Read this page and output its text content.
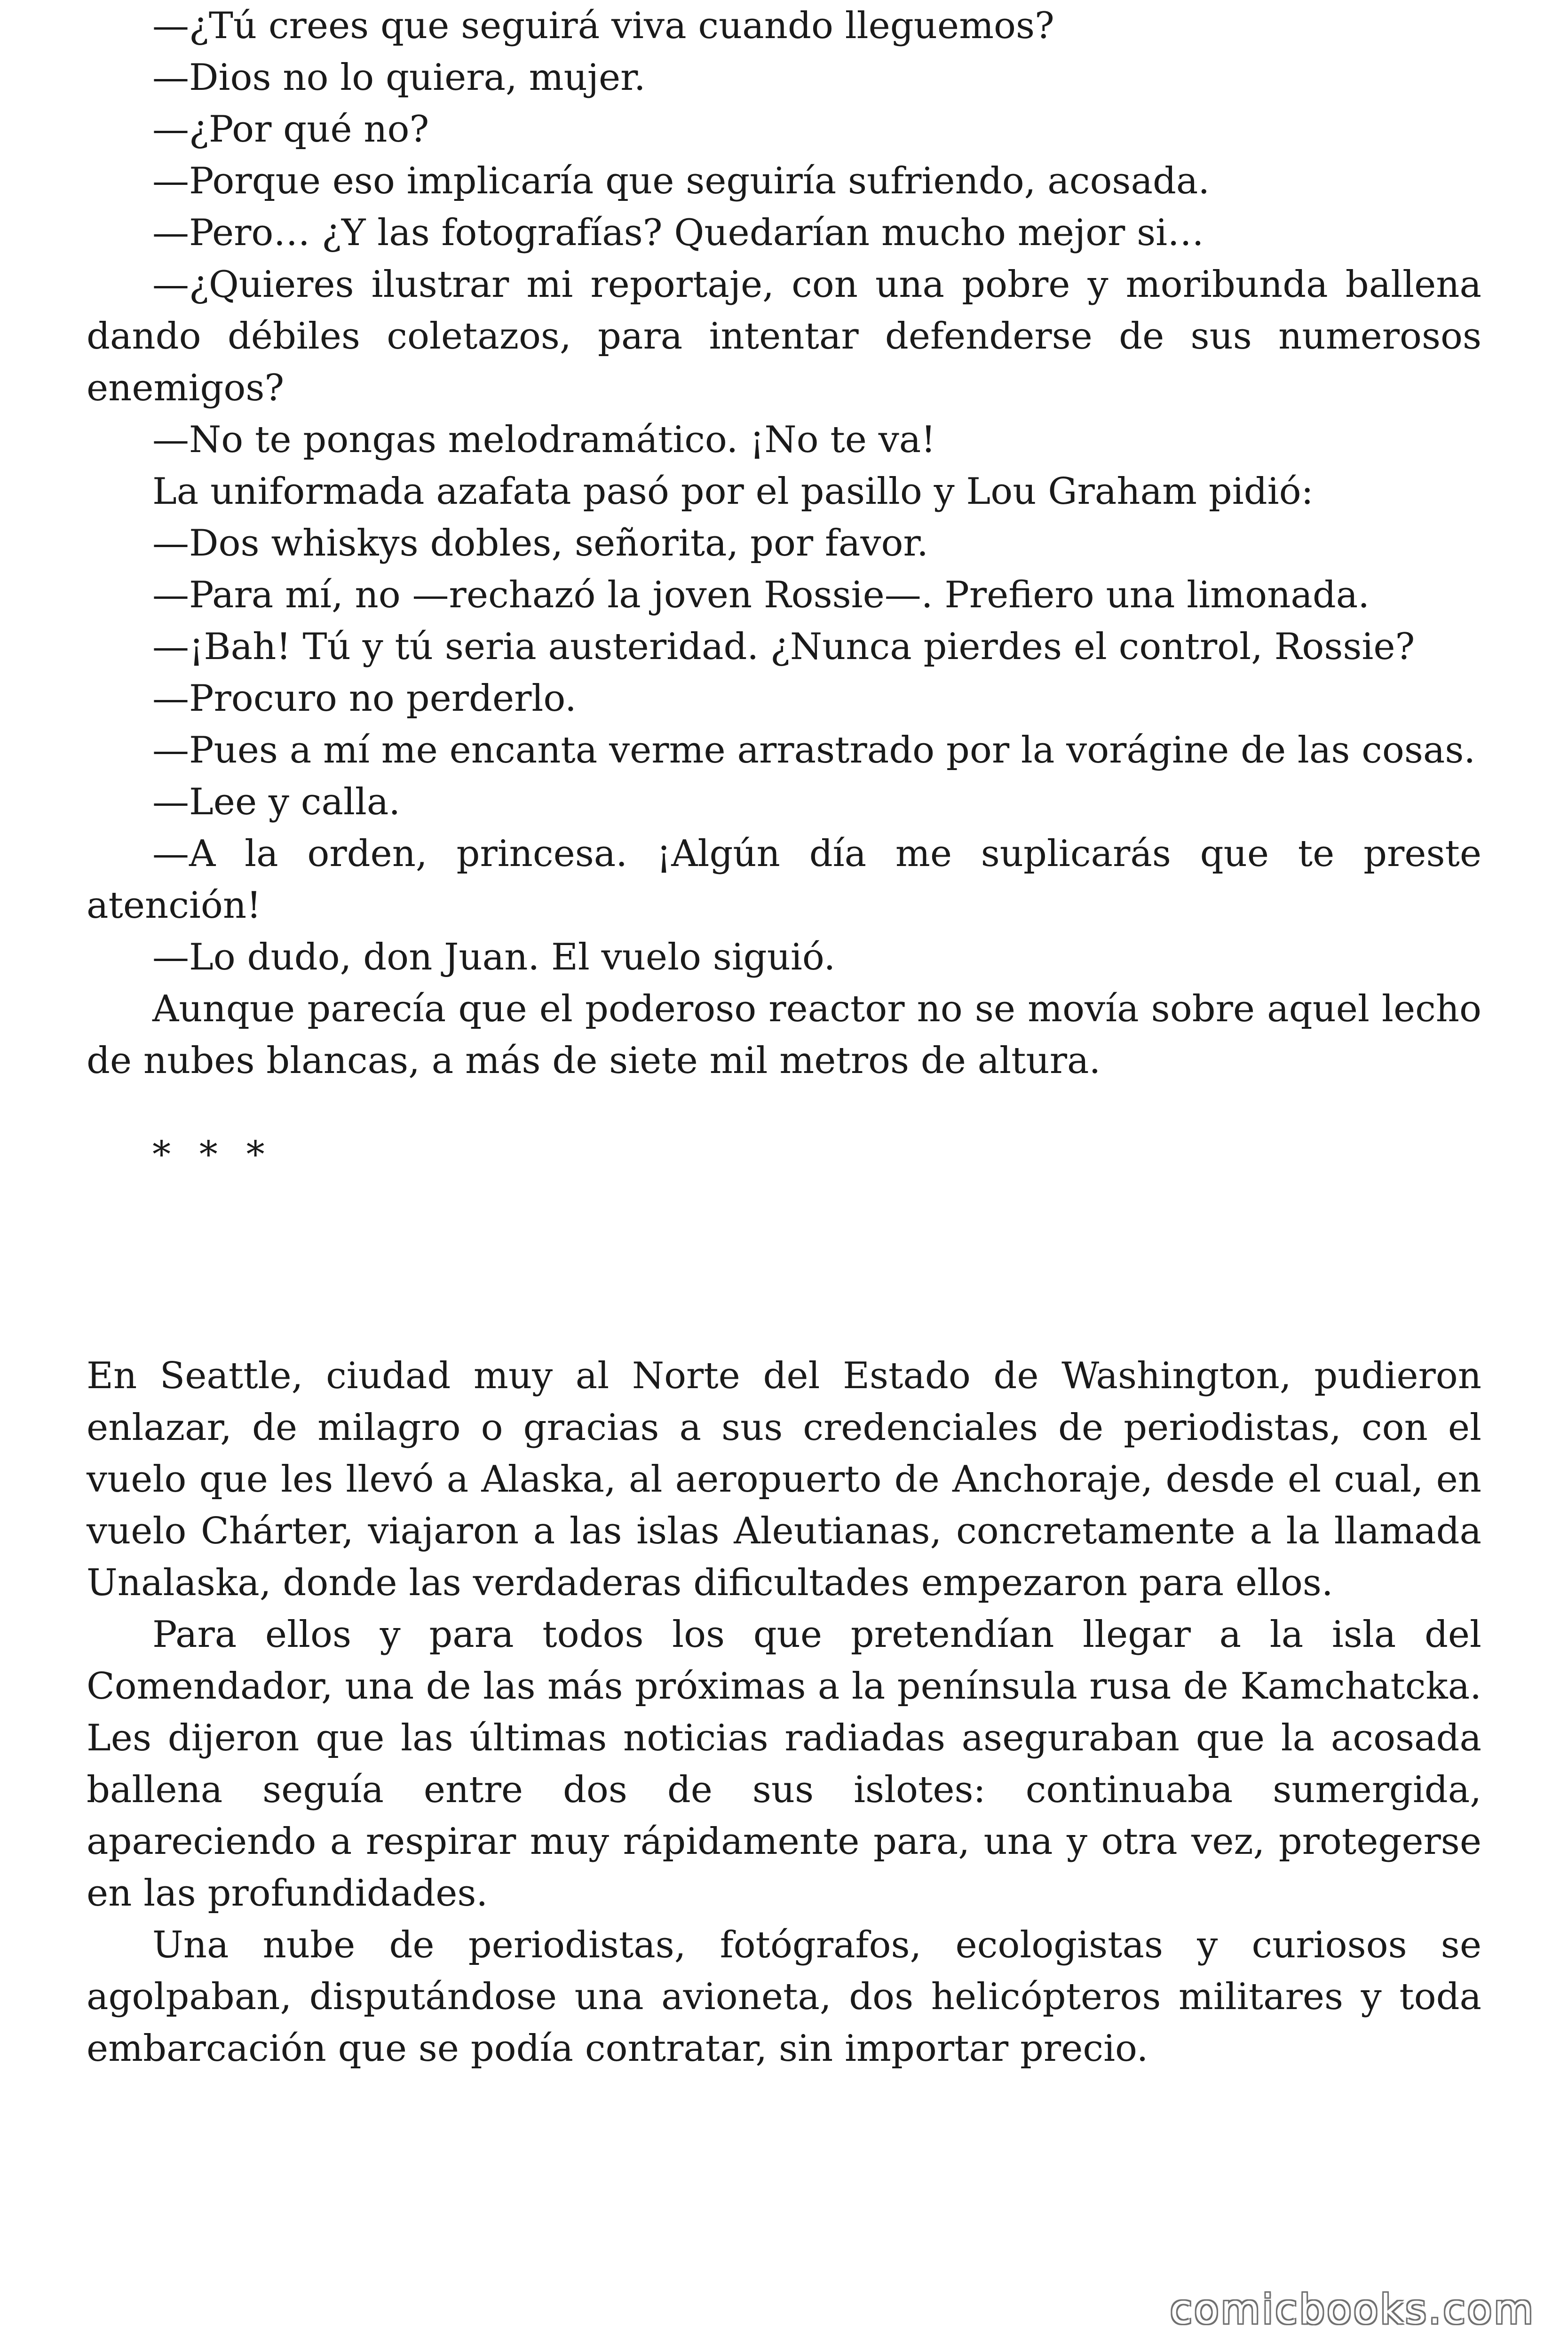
—¿Tú crees que seguirá viva cuando lleguemos?

—Dios no lo quiera, mujer.

—¿Por qué no?

—Porque eso implicaría que seguiría sufriendo, acosada.

—Pero… ¿Y las fotografías? Quedarían mucho mejor si…

—¿Quieres ilustrar mi reportaje, con una pobre y moribunda ballena dando débiles coletazos, para intentar defenderse de sus numerosos enemigos?

—No te pongas melodramático. ¡No te va!

La uniformada azafata pasó por el pasillo y Lou Graham pidió:

—Dos whiskys dobles, señorita, por favor.

—Para mí, no —rechazó la joven Rossie—. Prefiero una limonada.

—¡Bah! Tú y tú seria austeridad. ¿Nunca pierdes el control, Rossie?

—Procuro no perderlo.

—Pues a mí me encanta verme arrastrado por la vorágine de las cosas.

—Lee y calla.

—A la orden, princesa. ¡Algún día me suplicarás que te preste atención!

—Lo dudo, don Juan. El vuelo siguió.

Aunque parecía que el poderoso reactor no se movía sobre aquel lecho de nubes blancas, a más de siete mil metros de altura.

* * *

En Seattle, ciudad muy al Norte del Estado de Washington, pudieron enlazar, de milagro o gracias a sus credenciales de periodistas, con el vuelo que les llevó a Alaska, al aeropuerto de Anchoraje, desde el cual, en vuelo Chárter, viajaron a las islas Aleutianas, concretamente a la llamada Unalaska, donde las verdaderas dificultades empezaron para ellos.

Para ellos y para todos los que pretendían llegar a la isla del Comendador, una de las más próximas a la península rusa de Kamchatcka. Les dijeron que las últimas noticias radiadas aseguraban que la acosada ballena seguía entre dos de sus islotes: continuaba sumergida, apareciendo a respirar muy rápidamente para, una y otra vez, protegerse en las profundidades.

Una nube de periodistas, fotógrafos, ecologistas y curiosos se agolpaban, disputándose una avioneta, dos helicópteros militares y toda embarcación que se podía contratar, sin importar precio.

comicbooks.com
